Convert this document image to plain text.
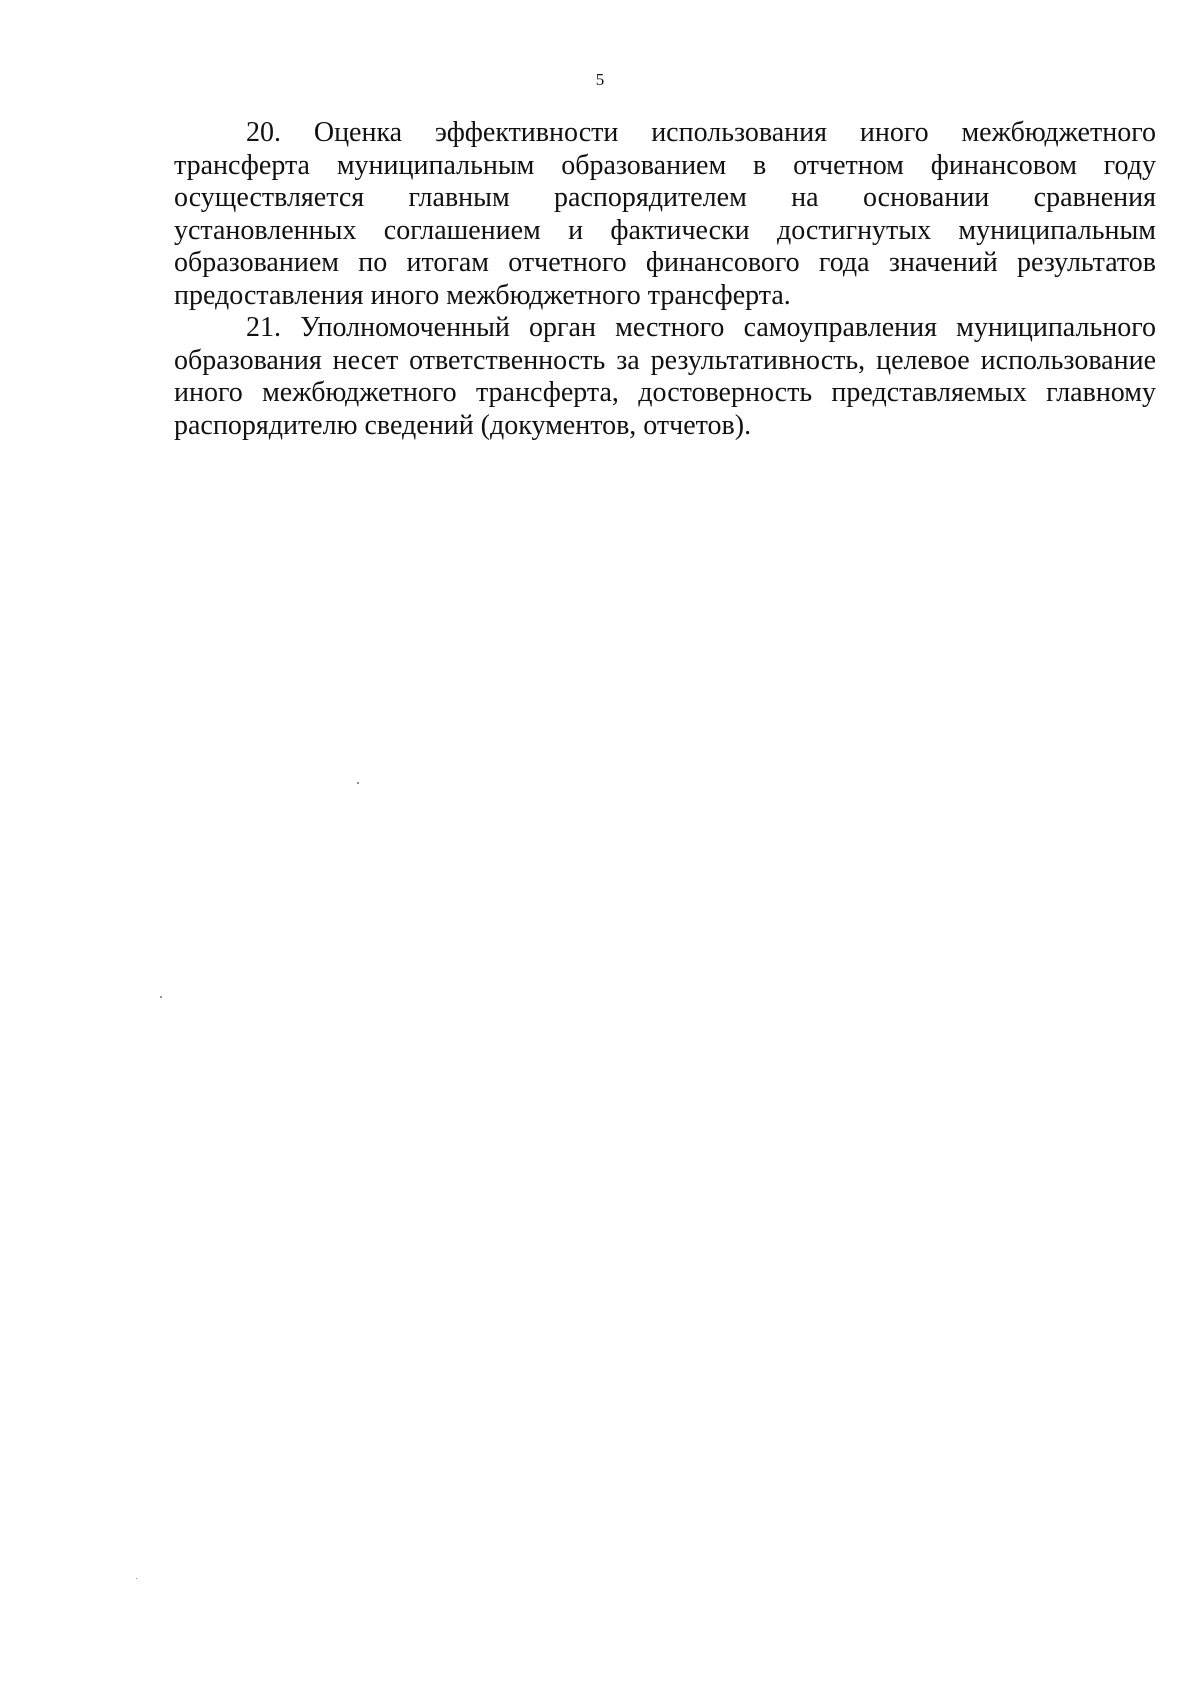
5

20. Оценка эффективности использования иного межбюджетного трансферта муниципальным образованием в отчетном финансовом году осуществляется главным распорядителем на основании сравнения установленных соглашением и фактически достигнутых муниципальным образованием по итогам отчетного финансового года значений результатов предоставления иного межбюджетного трансферта.

21. Уполномоченный орган местного самоуправления муниципального образования несет ответственность за результативность, целевое использование иного межбюджетного трансферта, достоверность представляемых главному распорядителю сведений (документов, отчетов).
